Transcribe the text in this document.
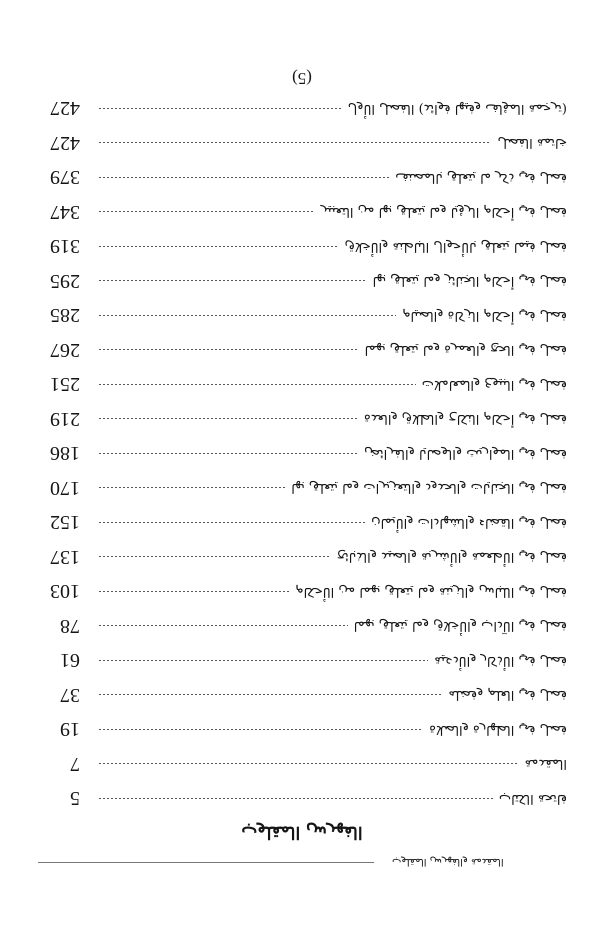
(5)
427	(ترجمة المؤلف وفيها فوائد) الفصل الأول
427	خاتمة الفصل
379	فصل في ذكر ما يتعلق بالمصنف
347	فصل في أحكام الرؤيا وما يتعلق بها من التعبير
319	فصل فيما يتعلق بالأحوال الباطنة والأخلاق
295	فصل في أحكام الجنائز وما يتعلق بها
285	فصل في أحكام الزكاة والصيام
267	فصل في الحج والعمرة وما يتعلق بهما
251	فصل في البيوع والمعاملات
219	فصل في أحكام النكاح والطلاق والعدة
186	فصل في المواريث والوصايا والفرائض
170	فصل في الجنايات والحدود والتعزيرات وما يتعلق بها
152	فصل في القضاء والشهادات والأيمان
137	فصل في الأطعمة والأشربة والصيد والذبائح
103	فصل في اللباس والزينة وما يتعلق بهما من الأحكام
78	فصل في الآداب والأخلاق وما يتعلق بهما
61	فصل في الأذكار والأدعية
37	فصل في العلم وفضله
19	فصل في الطهارة والصلاة
7	المقدمة
5	فاتحة الكتاب
‫‏الفهرس المقلوب‬
‫المقدمة والفهرس المقلوب‬
